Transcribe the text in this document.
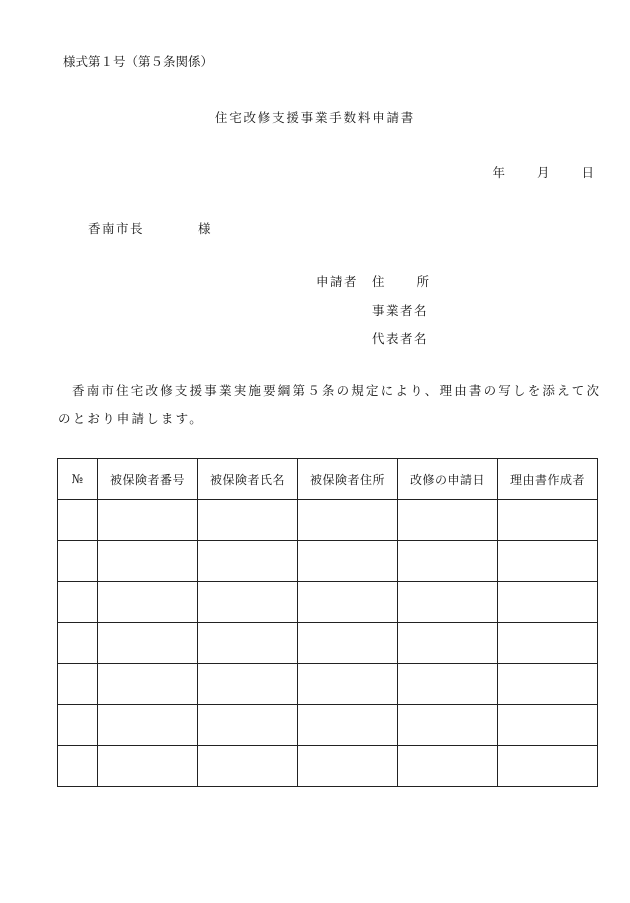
様式第１号（第５条関係）
住宅改修支援事業手数料申請書
年	月	日
香南市長	様
申請者 住	所
事業者名
代表者名
香南市住宅改修支援事業実施要綱第５条の規定により、理由書の写しを添えて次のとおり申請します。
№	被保険者番号	被保険者氏名	被保険者住所	改修の申請日	理由書作成者
